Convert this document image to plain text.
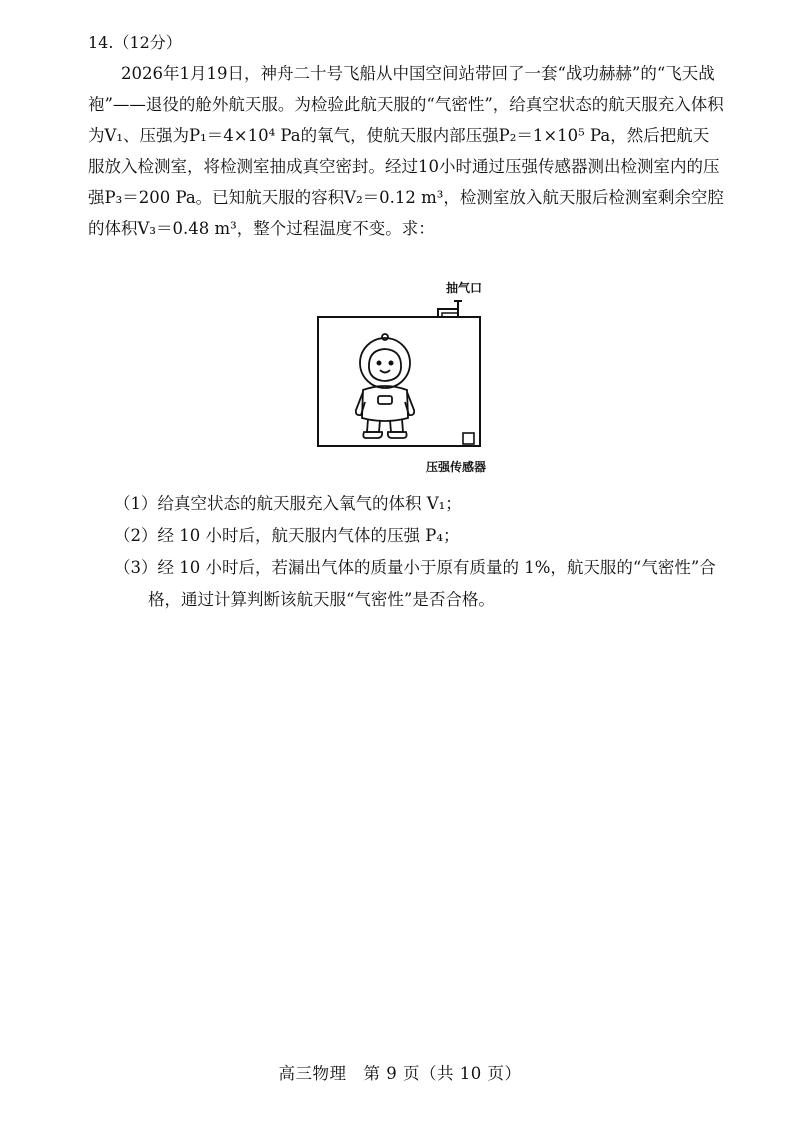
14.（12分）

2026年1月19日，神舟二十号飞船从中国空间站带回了一套“战功赫赫”的“飞天战袍”——退役的舱外航天服。为检验此航天服的“气密性”，给真空状态的航天服充入体积为V₁、压强为P₁＝4×10⁴ Pa的氧气，使航天服内部压强P₂＝1×10⁵ Pa，然后把航天服放入检测室，将检测室抽成真空密封。经过10小时通过压强传感器测出检测室内的压强P₃＝200 Pa。已知航天服的容积V₂＝0.12 m³，检测室放入航天服后检测室剩余空腔的体积V₃＝0.48 m³，整个过程温度不变。求：

抽气口
压强传感器

（1）给真空状态的航天服充入氧气的体积 V₁；

（2）经 10 小时后，航天服内气体的压强 P₄；

（3）经 10 小时后，若漏出气体的质量小于原有质量的 1%，航天服的“气密性”合格，通过计算判断该航天服“气密性”是否合格。

高三物理　第 9 页（共 10 页）
